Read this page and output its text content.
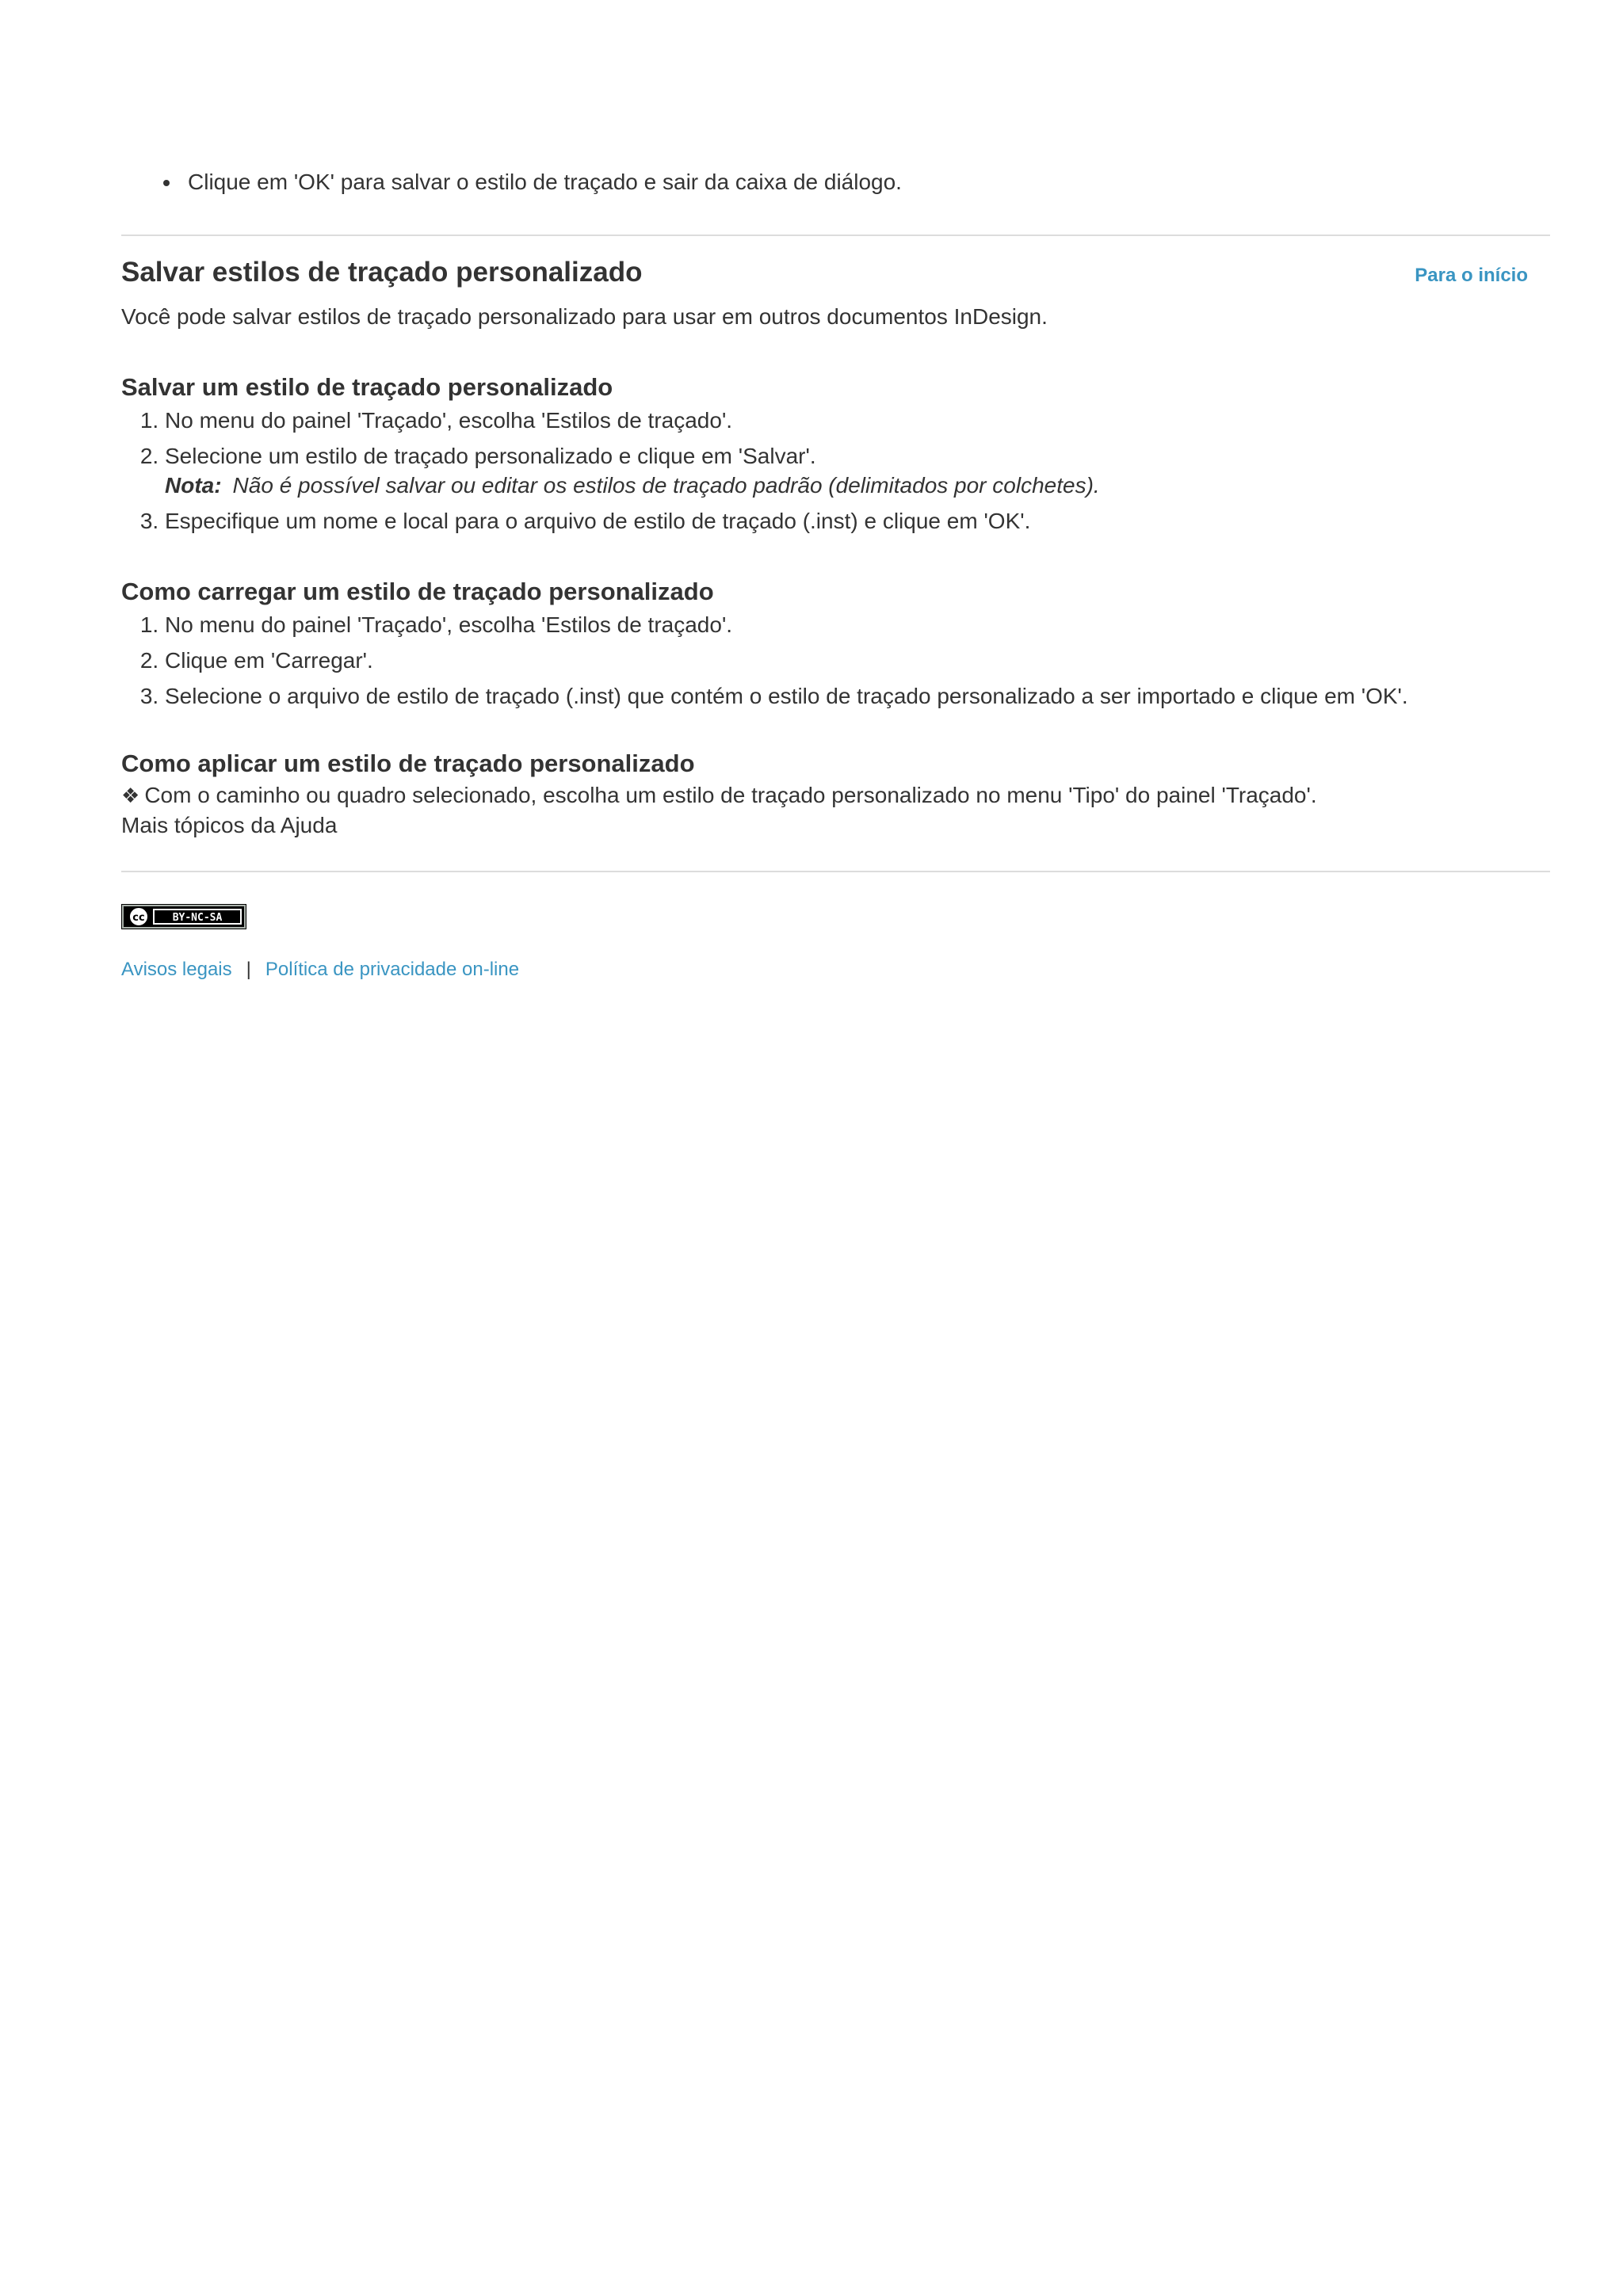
• Clique em 'OK' para salvar o estilo de traçado e sair da caixa de diálogo.
Para o início
Salvar estilos de traçado personalizado

Você pode salvar estilos de traçado personalizado para usar em outros documentos InDesign.

Salvar um estilo de traçado personalizado
1. No menu do painel 'Traçado', escolha 'Estilos de traçado'.
2. Selecione um estilo de traçado personalizado e clique em 'Salvar'.
Nota: Não é possível salvar ou editar os estilos de traçado padrão (delimitados por colchetes).
3. Especifique um nome e local para o arquivo de estilo de traçado (.inst) e clique em 'OK'.
Como carregar um estilo de traçado personalizado
1. No menu do painel 'Traçado', escolha 'Estilos de traçado'.
2. Clique em 'Carregar'.
3. Selecione o arquivo de estilo de traçado (.inst) que contém o estilo de traçado personalizado a ser importado e clique em 'OK'.
Como aplicar um estilo de traçado personalizado

❖ Com o caminho ou quadro selecionado, escolha um estilo de traçado personalizado no menu 'Tipo' do painel 'Traçado'.

Mais tópicos da Ajuda

cc	BY-NC-SA
Avisos legais | Política de privacidade on-line
